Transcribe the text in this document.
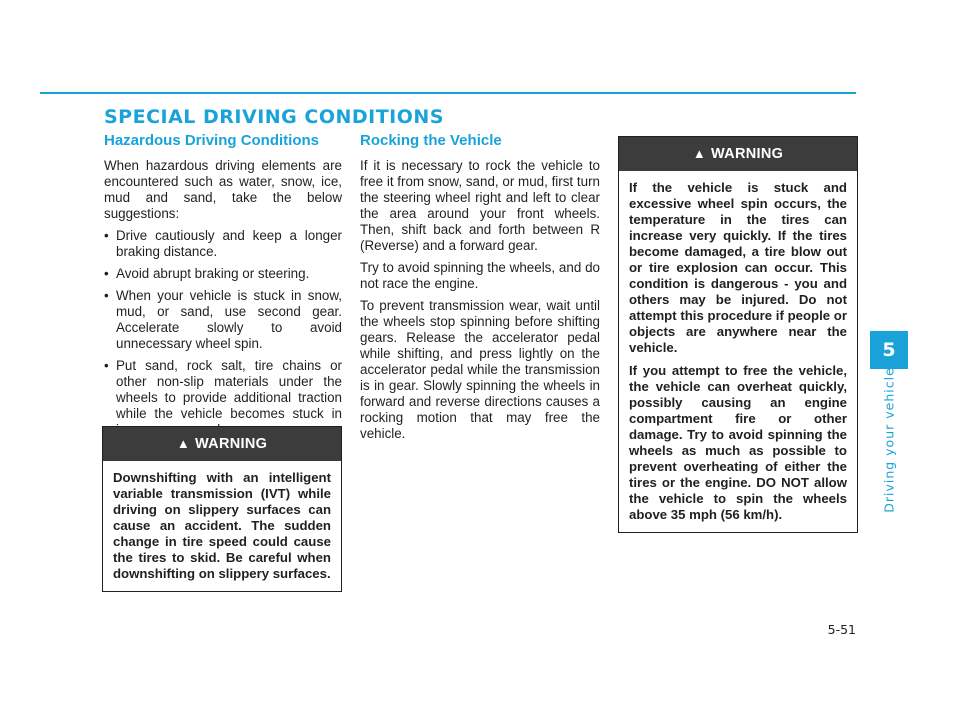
SPECIAL DRIVING CONDITIONS
Hazardous Driving Conditions

When hazardous driving elements are encountered such as water, snow, ice, mud and sand, take the below suggestions:

• Drive cautiously and keep a longer braking distance.
• Avoid abrupt braking or steering.
• When your vehicle is stuck in snow, mud, or sand, use second gear. Accelerate slowly to avoid unnecessary wheel spin.
• Put sand, rock salt, tire chains or other non-slip materials under the wheels to provide additional traction while the vehicle becomes stuck in
▲ WARNING

Downshifting with an intelligent variable transmission (IVT) while driving on slippery surfaces can cause an accident. The sudden change in tire speed could cause the tires to skid. Be careful when downshifting on slippery surfaces.

Rocking the Vehicle

If it is necessary to rock the vehicle to free it from snow, sand, or mud, first turn the steering wheel right and left to clear the area around your front wheels. Then, shift back and forth between R (Reverse) and a forward gear.

Try to avoid spinning the wheels, and do not race the engine.

To prevent transmission wear, wait until the wheels stop spinning before shifting gears. Release the accelerator pedal while shifting, and press lightly on the accelerator pedal while the transmission is in gear. Slowly spinning the wheels in forward and reverse directions causes a rocking motion that may free the vehicle.

▲ WARNING

If the vehicle is stuck and excessive wheel spin occurs, the temperature in the tires can increase very quickly. If the tires become damaged, a tire blow out or tire explosion can occur. This condition is dangerous - you and others may be injured. Do not attempt this procedure if people or objects are anywhere near the vehicle.

If you attempt to free the vehicle, the vehicle can overheat quickly, possibly causing an engine compartment fire or other damage. Try to avoid spinning the wheels as much as possible to prevent overheating of either the tires or the engine. DO NOT allow the vehicle to spin the wheels above 35 mph (56 km/h).

5
Driving your vehicle
5-51
